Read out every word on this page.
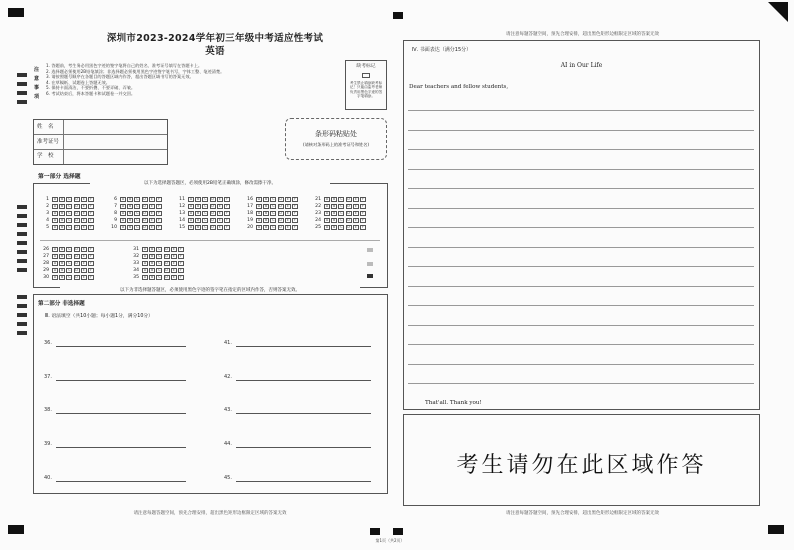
深圳市2023-2024学年初三年级中考适应性考试
英语
注
意
事
项
1. 答题前，考生务必用黑色字迹的签字笔将自己的姓名、准考证号填写在答题卡上。
2. 选择题必须使用2B铅笔填涂；非选择题必须使用黑色字迹签字笔书写，字体工整、笔迹清楚。
3. 请按照题号顺序在各题目的答题区域内作答，超出答题区域书写的答案无效。
4. 在草稿纸、试题卷上答题无效。
5. 保持卡面清洁，不要折叠、不要弄破、弄皱。
6. 考试结束后，将本答题卡和试题卷一并交回。
缺考标记
考生禁止填涂缺考标记！只能由监考老师负责用黑色字迹的签字笔填涂。
姓　名
准考证号
学　校
条形码粘贴处
(请核对条形码上的准考证号和姓名)
第一部分 选择题
以下为选择题答题区，必须使用2B铅笔正确填涂，修改需擦干净。
1	A	B	C	D	E	F
2	A	B	C	D	E	F
3	A	B	C	D	E	F
4	A	B	C	D	E	F
5	A	B	C	D	E	F
6	A	B	C	D	E	F
7	A	B	C	D	E	F
8	A	B	C	D	E	F
9	A	B	C	D	E	F
10	A	B	C	D	E	F
11	A	B	C	D	E	F
12	A	B	C	D	E	F
13	A	B	C	D	E	F
14	A	B	C	D	E	F
15	A	B	C	D	E	F
16	A	B	C	D	E	F
17	A	B	C	D	E	F
18	A	B	C	D	E	F
19	A	B	C	D	E	F
20	A	B	C	D	E	F
21	A	B	C	D	E	F
22	A	B	C	D	E	F
23	A	B	C	D	E	F
24	A	B	C	D	E	F
25	A	B	C	D	E	F
26	A	B	C	D	E	F
27	A	B	C	D	E	F
28	A	B	C	D	E	F
29	A	B	C	D	E	F
30	A	B	C	D	E	F
31	A	B	C	D	E	F
32	A	B	C	D	E	F
33	A	B	C	D	E	F
34	A	B	C	D	E	F
35	A	B	C	D	E	F
以下为非选择题答题区，必须使用黑色字迹的签字笔在指定的区域内作答，否则答案无效。
第二部分 非选择题
Ⅲ. 语法填空（共10小题；每小题1分，满分10分）
36.
37.
38.
39.
40.
41.
42.
43.
44.
45.
请注意每题答题空间，预先合理安排，超出黑色矩形边框限定区域的答案无效
第1页（共2页）
请注意每题答题空间，预先合理安排，超出黑色矩形边框限定区域的答案无效
Ⅳ. 书面表达（满分15分）
AI in Our Life
Dear teachers and fellow students,
That'all. Thank you!
考生请勿在此区域作答
请注意每题答题空间，预先合理安排，超出黑色矩形边框限定区域的答案无效
